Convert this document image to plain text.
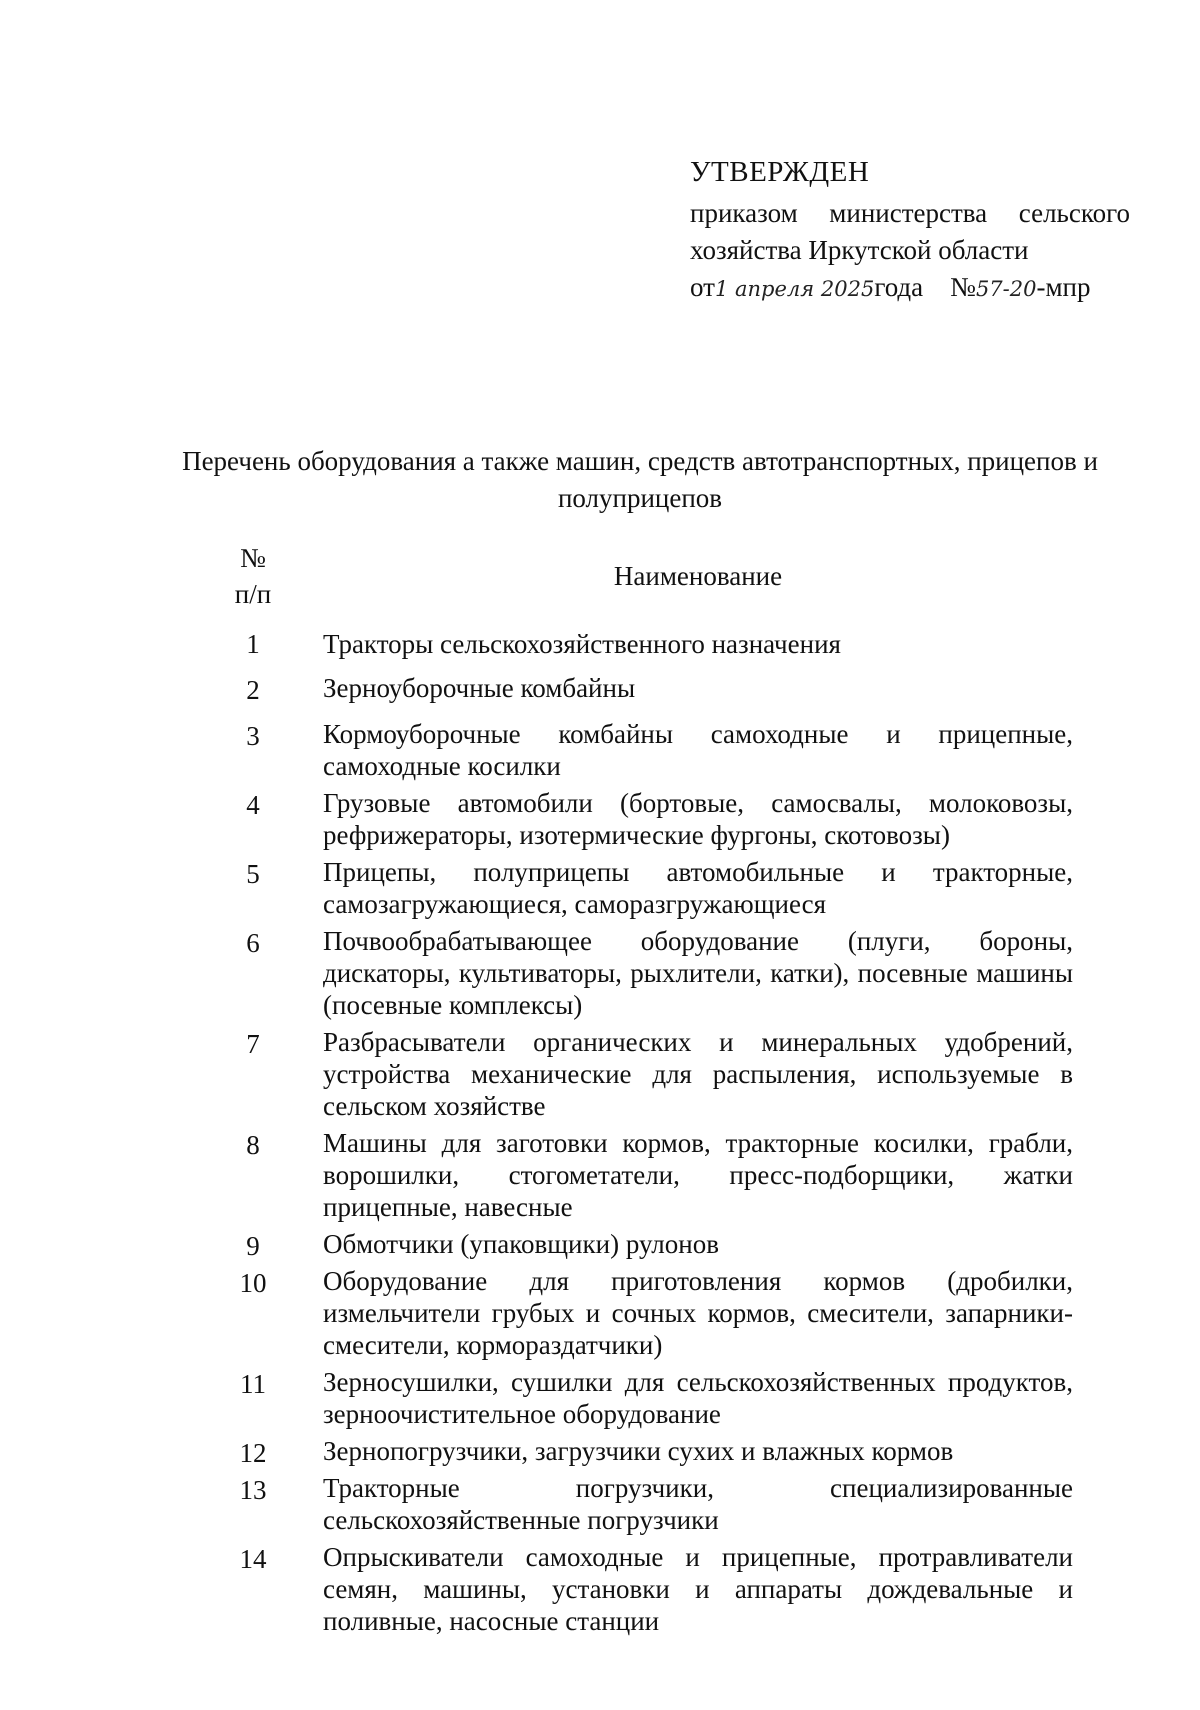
УТВЕРЖДЕН
приказом министерства сельского
хозяйства Иркутской области
от1 апреля 2025года №57-20-мпр
Перечень оборудования а также машин, средств автотранспортных, прицепов и полуприцепов
№
п/п	Наименование
1	Тракторы сельскохозяйственного назначения
2	Зерноуборочные комбайны
3	Кормоуборочные комбайны самоходные и прицепные, самоходные косилки
4	Грузовые автомобили (бортовые, самосвалы, молоковозы, рефрижераторы, изотермические фургоны, скотовозы)
5	Прицепы, полуприцепы автомобильные и тракторные, самозагружающиеся, саморазгружающиеся
6	Почвообрабатывающее оборудование (плуги, бороны, дискаторы, культиваторы, рыхлители, катки), посевные машины (посевные комплексы)
7	Разбрасыватели органических и минеральных удобрений, устройства механические для распыления, используемые в сельском хозяйстве
8	Машины для заготовки кормов, тракторные косилки, грабли, ворошилки, стогометатели, пресс-подборщики, жатки прицепные, навесные
9	Обмотчики (упаковщики) рулонов
10	Оборудование для приготовления кормов (дробилки, измельчители грубых и сочных кормов, смесители, запарники-смесители, кормораздатчики)
11	Зерносушилки, сушилки для сельскохозяйственных продуктов, зерноочистительное оборудование
12	Зернопогрузчики, загрузчики сухих и влажных кормов
13	Тракторные погрузчики, специализированные сельскохозяйственные погрузчики
14	Опрыскиватели самоходные и прицепные, протравливатели семян, машины, установки и аппараты дождевальные и поливные, насосные станции
